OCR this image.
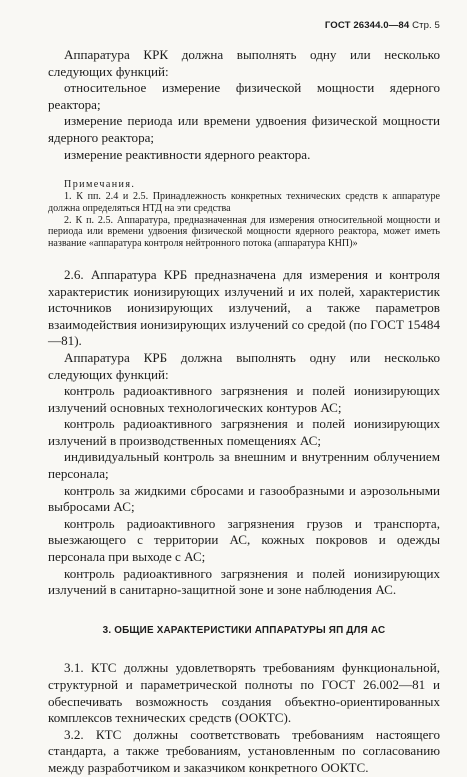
ГОСТ 26344.0—84 Стр. 5

Аппаратура КРК должна выполнять одну или несколько следующих функций:

относительное измерение физической мощности ядерного реактора;

измерение периода или времени удвоения физической мощности ядерного реактора;

измерение реактивности ядерного реактора.

Примечания.

1. К пп. 2.4 и 2.5. Принадлежность конкретных технических средств к аппаратуре должна определяться НТД на эти средства

2. К п. 2.5. Аппаратура, предназначенная для измерения относительной мощности и периода или времени удвоения физической мощности ядерного реактора, может иметь название «аппаратура контроля нейтронного потока (аппаратура КНП)»

2.6. Аппаратура КРБ предназначена для измерения и контроля характеристик ионизирующих излучений и их полей, характеристик источников ионизирующих излучений, а также параметров взаимодействия ионизирующих излучений со средой (по ГОСТ 15484—81).

Аппаратура КРБ должна выполнять одну или несколько следующих функций:

контроль радиоактивного загрязнения и полей ионизирующих излучений основных технологических контуров АС;

контроль радиоактивного загрязнения и полей ионизирующих излучений в производственных помещениях АС;

индивидуальный контроль за внешним и внутренним облучением персонала;

контроль за жидкими сбросами и газообразными и аэрозольными выбросами АС;

контроль радиоактивного загрязнения грузов и транспорта, выезжающего с территории АС, кожных покровов и одежды персонала при выходе с АС;

контроль радиоактивного загрязнения и полей ионизирующих излучений в санитарно-защитной зоне и зоне наблюдения АС.

3. ОБЩИЕ ХАРАКТЕРИСТИКИ АППАРАТУРЫ ЯП ДЛЯ АС

3.1. КТС должны удовлетворять требованиям функциональной, структурной и параметрической полноты по ГОСТ 26.002—81 и обеспечивать возможность создания объектно-ориентированных комплексов технических средств (ООКТС).

3.2. КТС должны соответствовать требованиям настоящего стандарта, а также требованиям, установленным по согласованию между разработчиком и заказчиком конкретного ООКТС.
